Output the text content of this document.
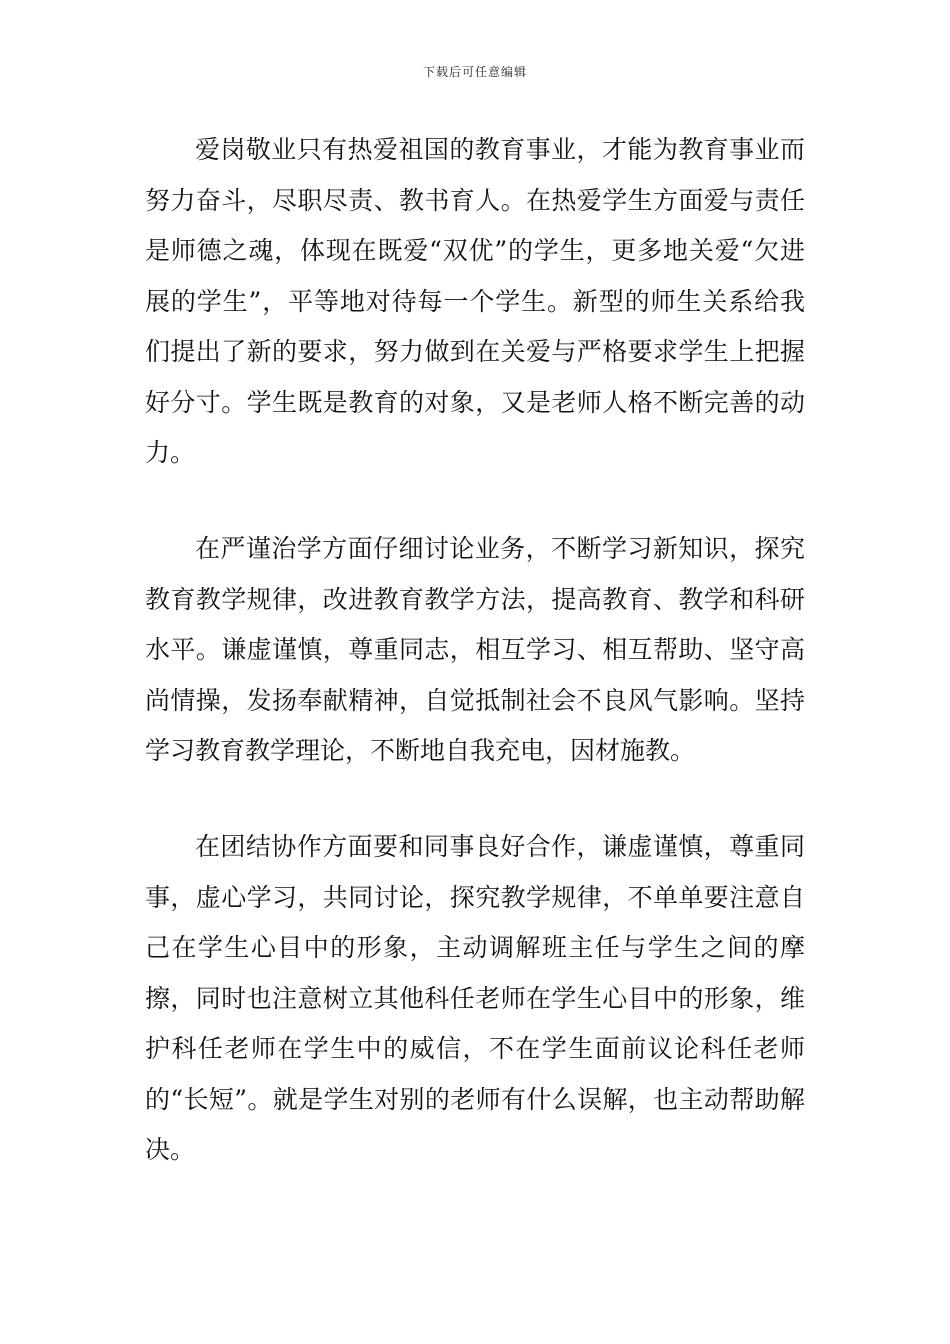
下载后可任意编辑

爱岗敬业只有热爱祖国的教育事业，才能为教育事业而努力奋斗，尽职尽责、教书育人。在热爱学生方面爱与责任是师德之魂，体现在既爱“双优”的学生，更多地关爱“欠进展的学生”，平等地对待每一个学生。新型的师生关系给我们提出了新的要求，努力做到在关爱与严格要求学生上把握好分寸。学生既是教育的对象，又是老师人格不断完善的动力。

在严谨治学方面仔细讨论业务，不断学习新知识，探究教育教学规律，改进教育教学方法，提高教育、教学和科研水平。谦虚谨慎，尊重同志，相互学习、相互帮助、坚守高尚情操，发扬奉献精神，自觉抵制社会不良风气影响。坚持学习教育教学理论，不断地自我充电，因材施教。

在团结协作方面要和同事良好合作，谦虚谨慎，尊重同事，虚心学习，共同讨论，探究教学规律，不单单要注意自己在学生心目中的形象，主动调解班主任与学生之间的摩擦，同时也注意树立其他科任老师在学生心目中的形象，维护科任老师在学生中的威信，不在学生面前议论科任老师的“长短”。就是学生对别的老师有什么误解，也主动帮助解决。
